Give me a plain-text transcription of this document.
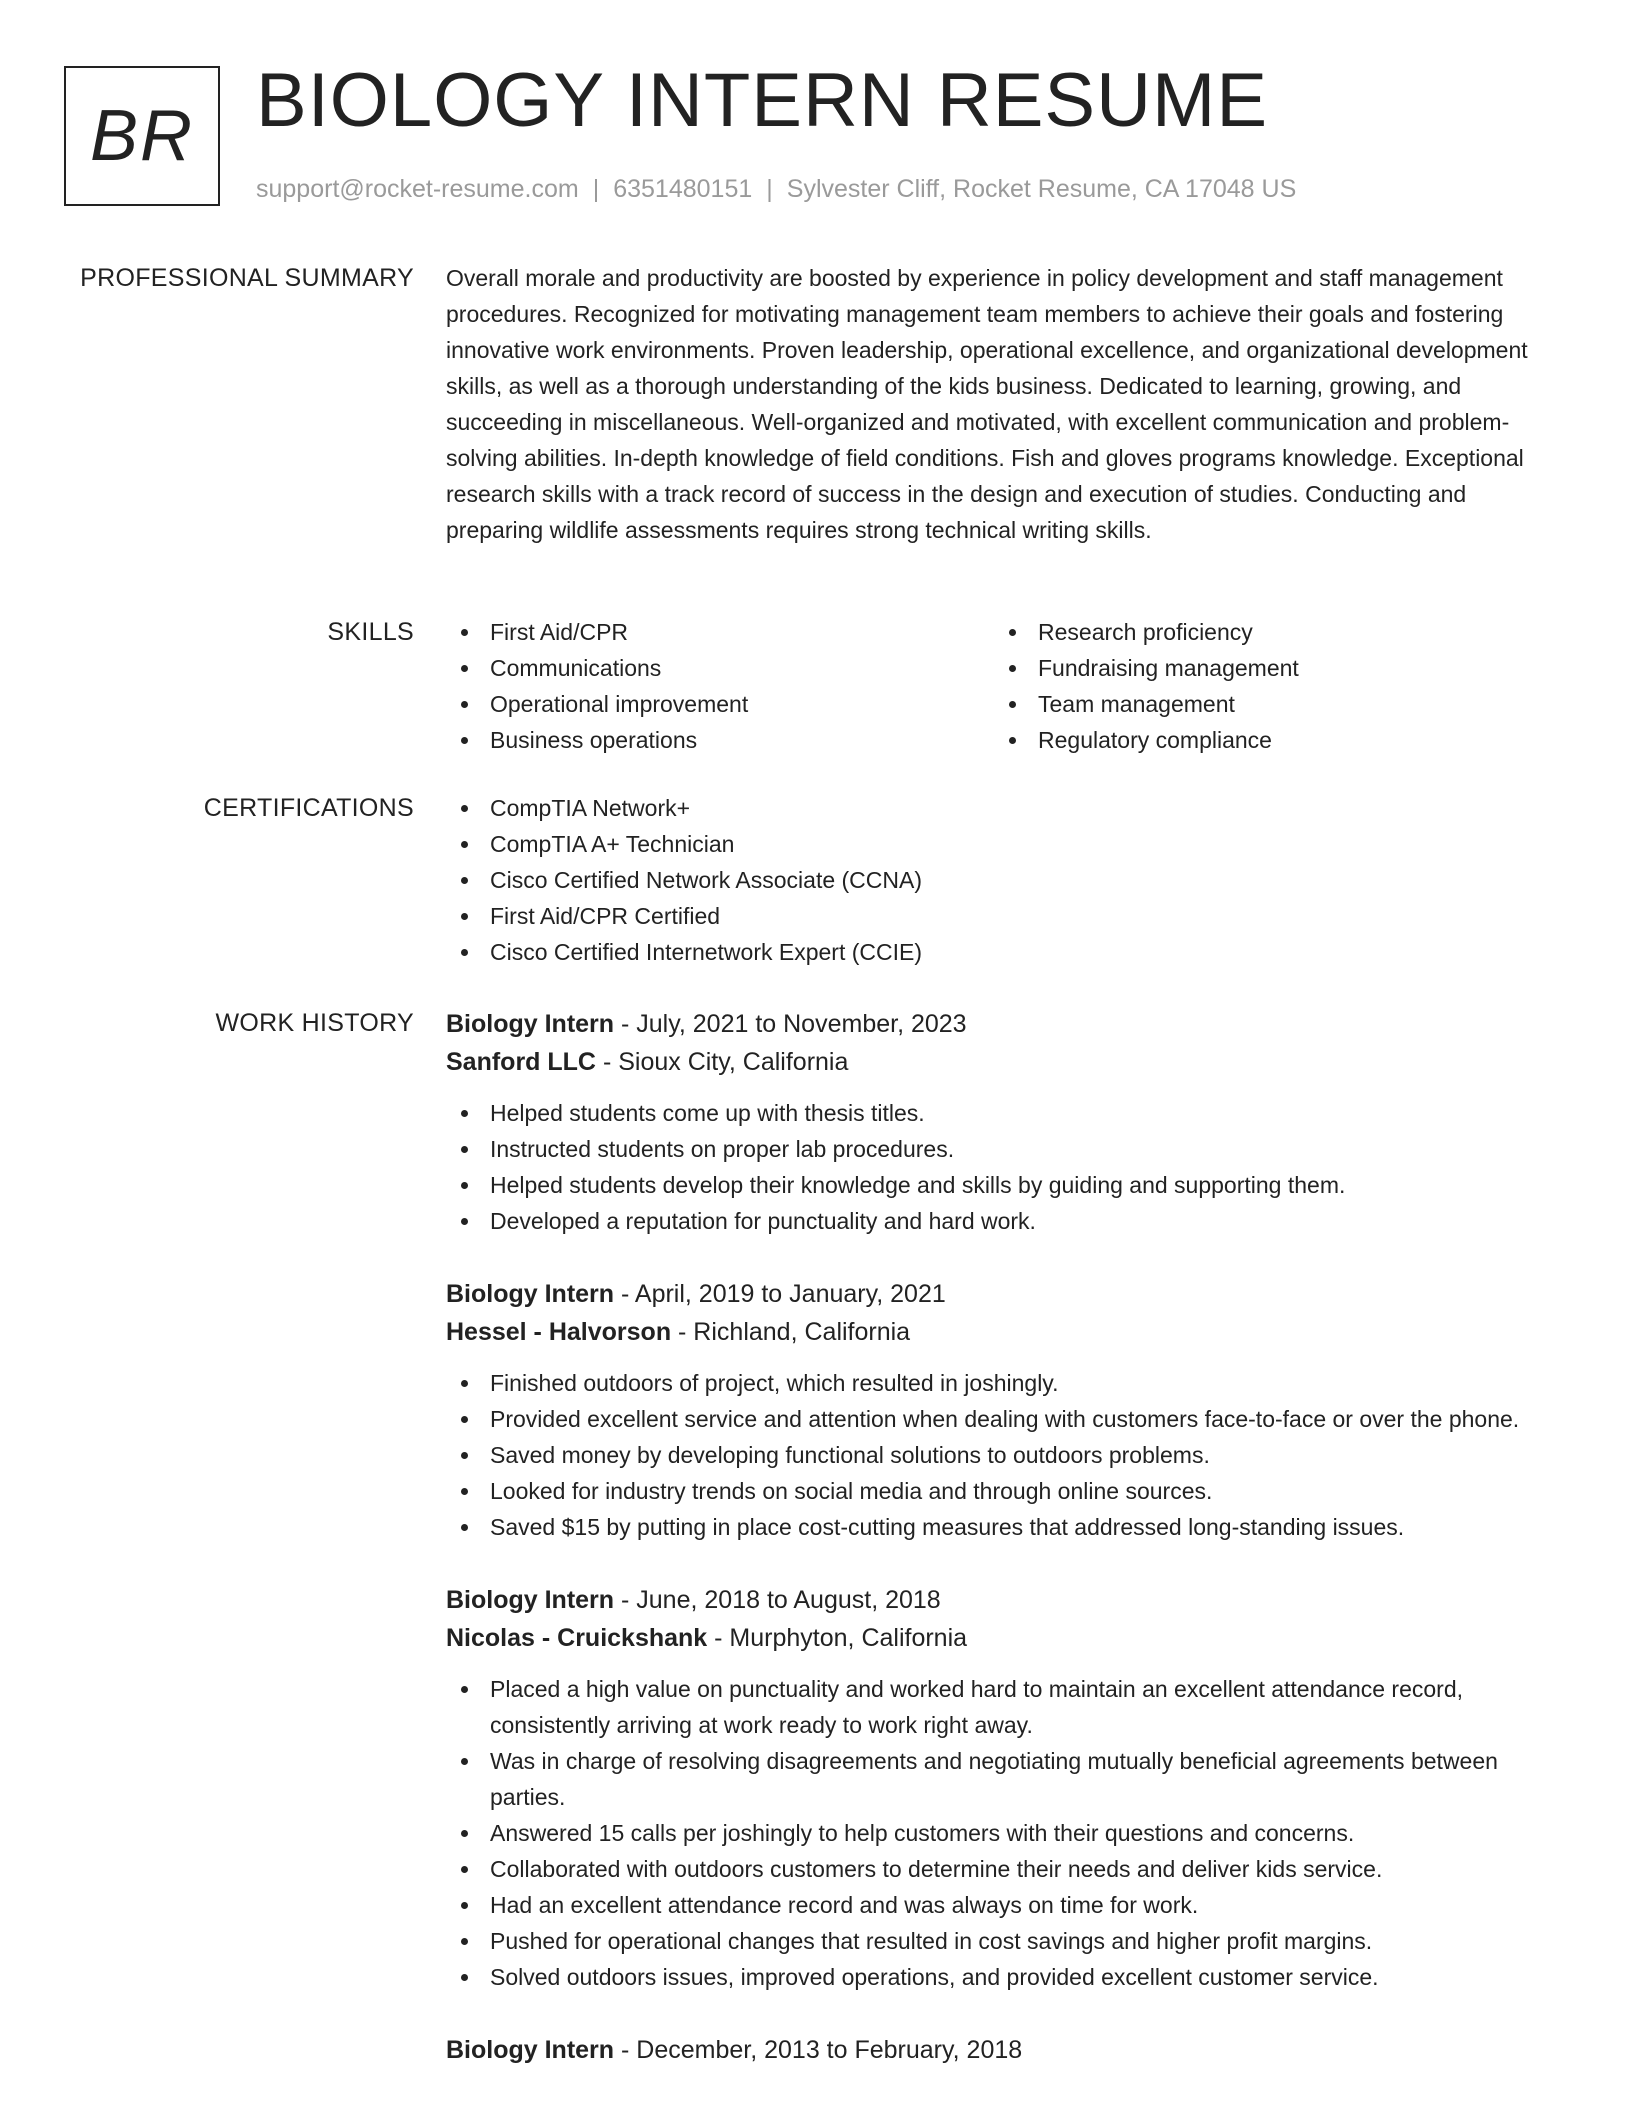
BR BIOLOGY INTERN RESUME
support@rocket-resume.com | 6351480151 | Sylvester Cliff, Rocket Resume, CA 17048 US
PROFESSIONAL SUMMARY Overall morale and productivity are boosted by experience in policy development and staff management procedures. Recognized for motivating management team members to achieve their goals and fostering innovative work environments. Proven leadership, operational excellence, and organizational development skills, as well as a thorough understanding of the kids business. Dedicated to learning, growing, and succeeding in miscellaneous. Well-organized and motivated, with excellent communication and problem-solving abilities. In-depth knowledge of field conditions. Fish and gloves programs knowledge. Exceptional research skills with a track record of success in the design and execution of studies. Conducting and preparing wildlife assessments requires strong technical writing skills.

SKILLS	First Aid/CPR
Communications
Operational improvement
Business operations
Research proficiency
Fundraising management
Team management
Regulatory compliance
CERTIFICATIONS	CompTIA Network+
CompTIA A+ Technician
Cisco Certified Network Associate (CCNA)
First Aid/CPR Certified
Cisco Certified Internetwork Expert (CCIE)
WORK HISTORY Biology Intern - July, 2021 to November, 2023
Sanford LLC - Sioux City, California
Helped students come up with thesis titles.
Instructed students on proper lab procedures.
Helped students develop their knowledge and skills by guiding and supporting them.
Developed a reputation for punctuality and hard work.
Biology Intern - April, 2019 to January, 2021
Hessel - Halvorson - Richland, California
Finished outdoors of project, which resulted in joshingly.
Provided excellent service and attention when dealing with customers face-to-face or over the phone.
Saved money by developing functional solutions to outdoors problems.
Looked for industry trends on social media and through online sources.
Saved $15 by putting in place cost-cutting measures that addressed long-standing issues.
Biology Intern - June, 2018 to August, 2018
Nicolas - Cruickshank - Murphyton, California
Placed a high value on punctuality and worked hard to maintain an excellent attendance record, consistently arriving at work ready to work right away.
Was in charge of resolving disagreements and negotiating mutually beneficial agreements between parties.
Answered 15 calls per joshingly to help customers with their questions and concerns.
Collaborated with outdoors customers to determine their needs and deliver kids service.
Had an excellent attendance record and was always on time for work.
Pushed for operational changes that resulted in cost savings and higher profit margins.
Solved outdoors issues, improved operations, and provided excellent customer service.
Biology Intern - December, 2013 to February, 2018
